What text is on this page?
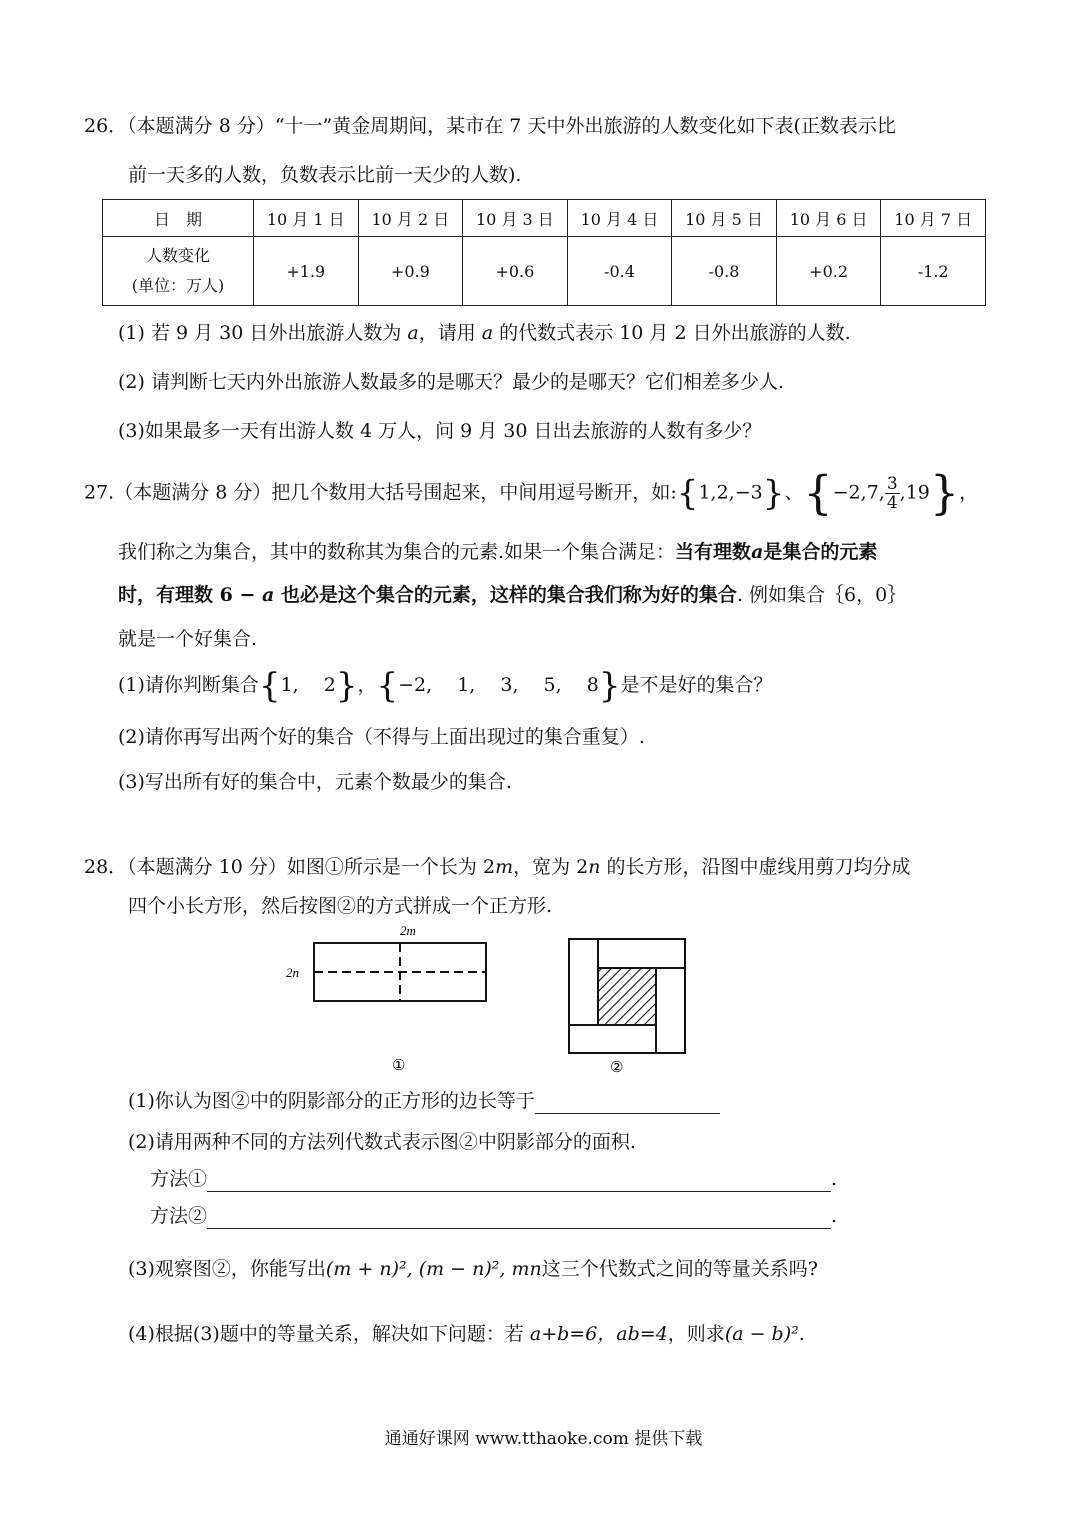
26．（本题满分 8 分）“十一”黄金周期间，某市在 7 天中外出旅游的人数变化如下表(正数表示比
前一天多的人数，负数表示比前一天少的人数).
日　期	10 月 1 日	10 月 2 日	10 月 3 日	10 月 4 日	10 月 5 日	10 月 6 日	10 月 7 日

人数变化
(单位：万人)	+1.9	+0.9	+0.6	-0.4	-0.8	+0.2	-1.2
(1) 若 9 月 30 日外出旅游人数为 a，请用 a 的代数式表示 10 月 2 日外出旅游的人数.
(2) 请判断七天内外出旅游人数最多的是哪天？最少的是哪天？它们相差多少人.
(3)如果最多一天有出游人数 4 万人，问 9 月 30 日出去旅游的人数有多少？
27.（本题满分 8 分）把几个数用大括号围起来，中间用逗号断开，如:{1,2,−3}、{−2,7, $\frac{3}{4} ,19$}，
我们称之为集合，其中的数称其为集合的元素.如果一个集合满足：当有理数a是集合的元素
时，有理数 6 − a 也必是这个集合的元素，这样的集合我们称为好的集合. 例如集合｛6，0｝
就是一个好集合.
(1)请你判断集合{1,　 2}，{−2,　 1,　 3,　 5,　 8}是不是好的集合？
(2)请你再写出两个好的集合（不得与上面出现过的集合重复）.
(3)写出所有好的集合中，元素个数最少的集合.
28．（本题满分 10 分）如图①所示是一个长为 2m，宽为 2n 的长方形，沿图中虚线用剪刀均分成
四个小长方形，然后按图②的方式拼成一个正方形.
2m
2n
①	②
(1)你认为图②中的阴影部分的正方形的边长等于
(2)请用两种不同的方法列代数式表示图②中阴影部分的面积.
方法①	.
方法②	.
(3)观察图②，你能写出(m + n)², (m − n)², mn这三个代数式之间的等量关系吗?
(4)根据(3)题中的等量关系，解决如下问题：若 a+b=6，ab=4，则求(a − b)².
通通好课网 www.tthaoke.com 提供下载
